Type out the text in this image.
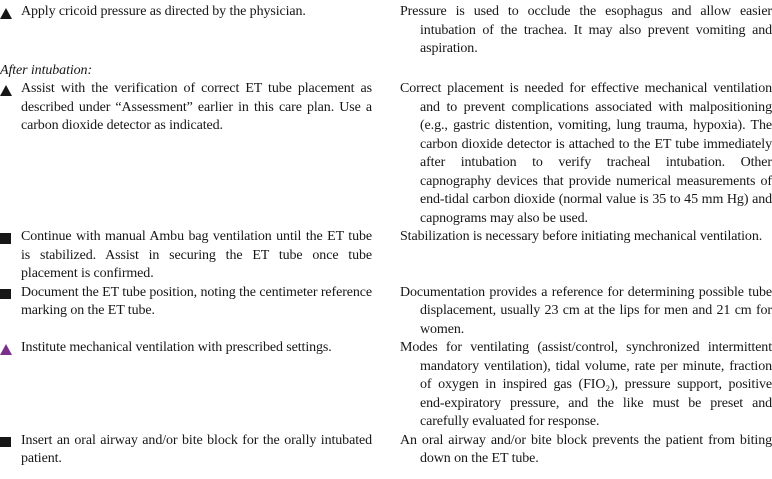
Apply cricoid pressure as directed by the physician.	Pressure is used to occlude the esophagus and allow easier intubation of the trachea. It may also prevent vomiting and aspiration.

After intubation:

Assist with the verification of correct ET tube placement as described under “Assessment” earlier in this care plan. Use a carbon dioxide detector as indicated.

Correct placement is needed for effective mechanical ventilation and to prevent complications associated with malpositioning (e.g., gastric distention, vomiting, lung trauma, hypoxia). The carbon dioxide detector is attached to the ET tube immediately after intubation to verify tracheal intubation. Other capnography devices that provide numerical measurements of end-tidal carbon dioxide (normal value is 35 to 45 mm Hg) and capnograms may also be used.

Continue with manual Ambu bag ventilation until the ET tube is stabilized. Assist in securing the ET tube once tube placement is confirmed.

Stabilization is necessary before initiating mechanical ventilation.

Document the ET tube position, noting the centimeter reference marking on the ET tube.

Documentation provides a reference for determining possible tube displacement, usually 23 cm at the lips for men and 21 cm for women.

Institute mechanical ventilation with prescribed settings.	Modes for ventilating (assist/control, synchronized intermittent mandatory ventilation), tidal volume, rate per minute, fraction of oxygen in inspired gas (FIO₂), pressure support, positive end-expiratory pressure, and the like must be preset and carefully evaluated for response.

Insert an oral airway and/or bite block for the orally intubated patient.

An oral airway and/or bite block prevents the patient from biting down on the ET tube.
